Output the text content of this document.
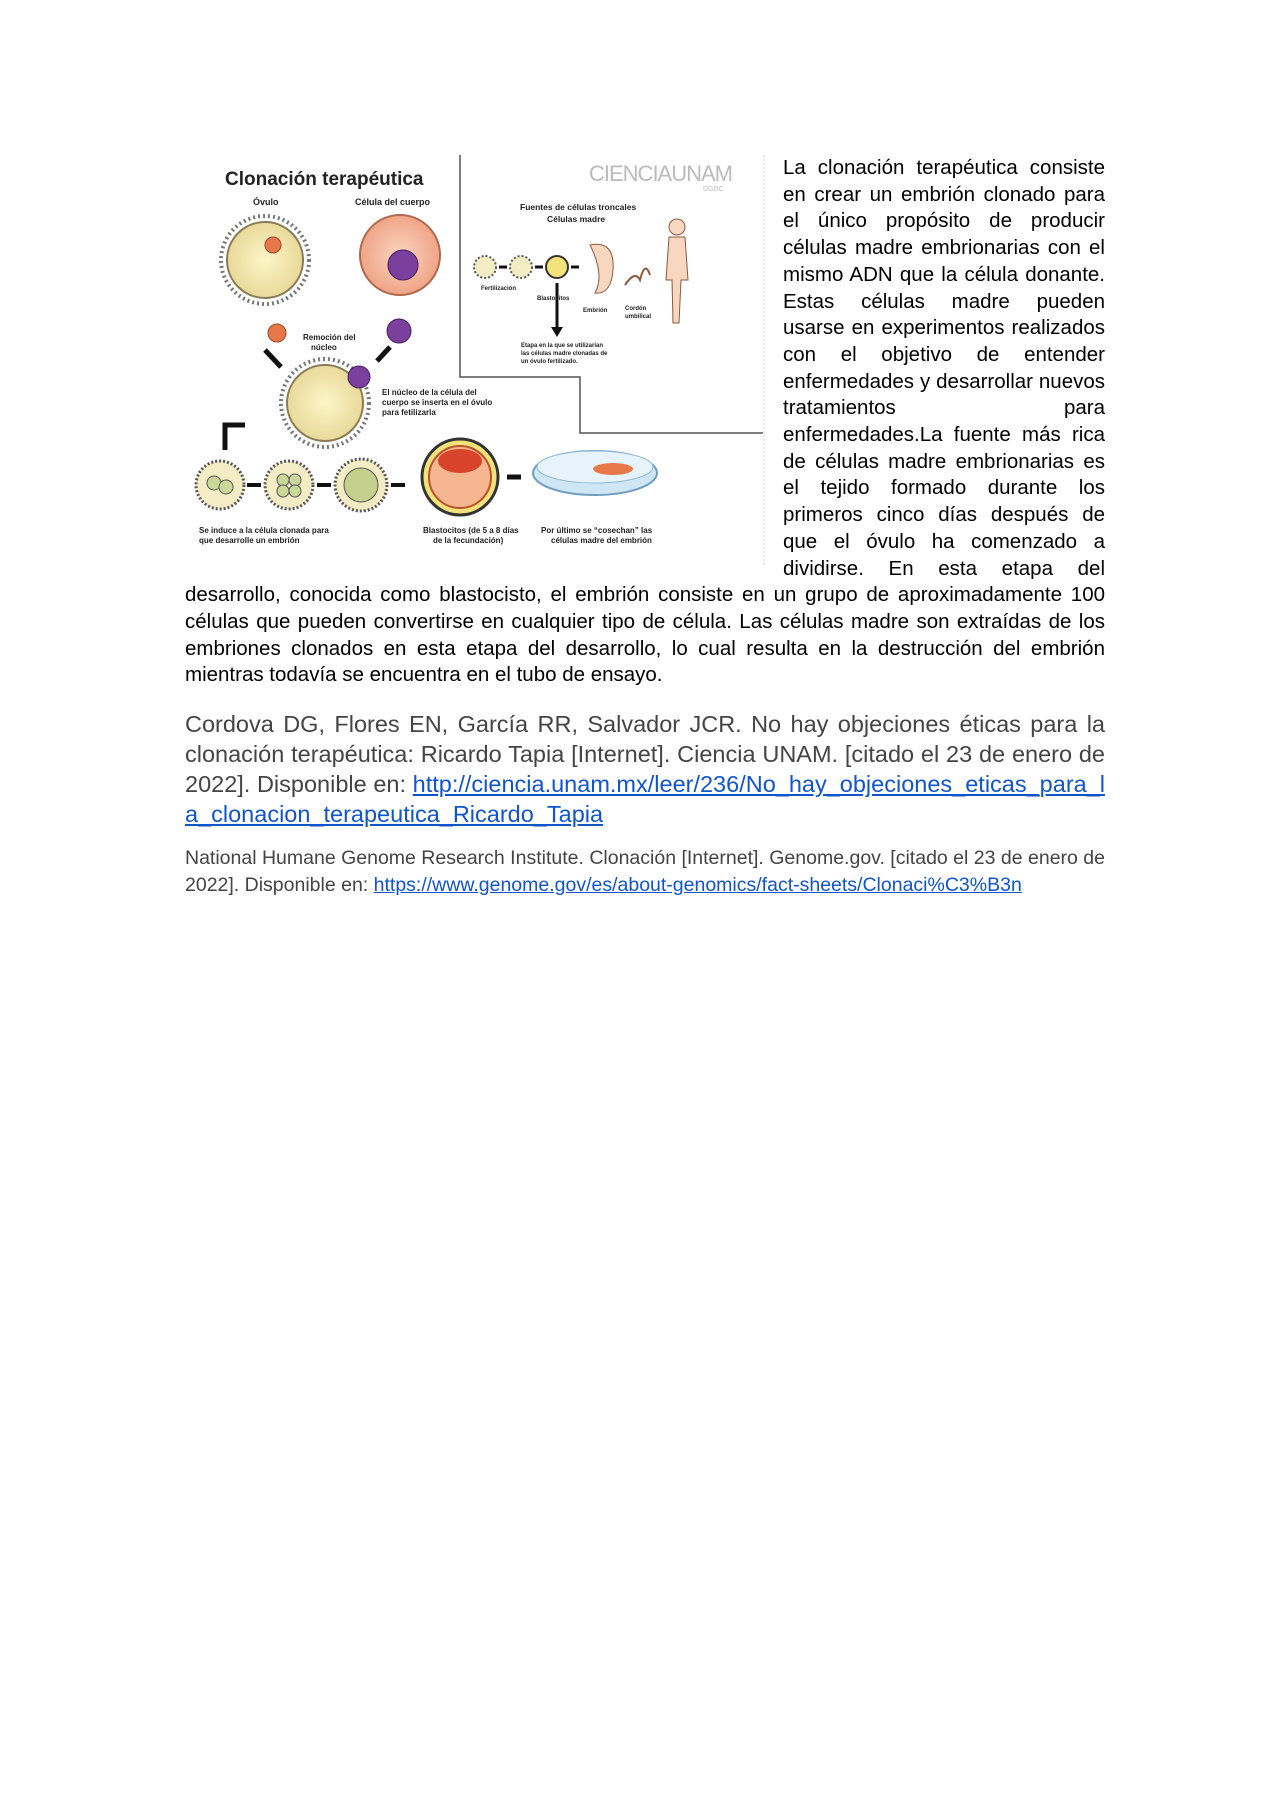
Clonación terapéutica	CIENCIAUNAM
DGDC
Óvulo	Célula del cuerpo
Remoción del
núcleo
El núcleo de la célula del
cuerpo se inserta en el óvulo
para fetilizarla
Se induce a la célula clonada para
que desarrolle un embrión
Blastocitos (de 5 a 8 días
de la fecundación)
Por último se “cosechan” las
células madre del embrión
Fuentes de células troncales
Células madre
Fertilización
Blastocitos
Embrión	Cordón
umbilical
Etapa en la que se utilizarían
las células madre clonadas de
un óvulo fertilizado.

La clonación terapéutica consiste en crear un embrión clonado para el único propósito de producir células madre embrionarias con el mismo ADN que la célula donante. Estas células madre pueden usarse en experimentos realizados con el objetivo de entender enfermedades y desarrollar nuevos tratamientos para enfermedades.La fuente más rica de células madre embrionarias es el tejido formado durante los primeros cinco días después de que el óvulo ha comenzado a dividirse. En esta etapa del desarrollo, conocida como blastocisto, el embrión consiste en un grupo de aproximadamente 100 células que pueden convertirse en cualquier tipo de célula. Las células madre son extraídas de los embriones clonados en esta etapa del desarrollo, lo cual resulta en la destrucción del embrión mientras todavía se encuentra en el tubo de ensayo.

Cordova DG, Flores EN, García RR, Salvador JCR. No hay objeciones éticas para la clonación terapéutica: Ricardo Tapia [Internet]. Ciencia UNAM. [citado el 23 de enero de 2022]. Disponible en: http://ciencia.unam.mx/leer/236/No_hay_objeciones_eticas_para_la_clonacion_terapeutica_Ricardo_Tapia

National Humane Genome Research Institute. Clonación [Internet]. Genome.gov. [citado el 23 de enero de 2022]. Disponible en: https://www.genome.gov/es/about-genomics/fact-sheets/Clonaci%C3%B3n
